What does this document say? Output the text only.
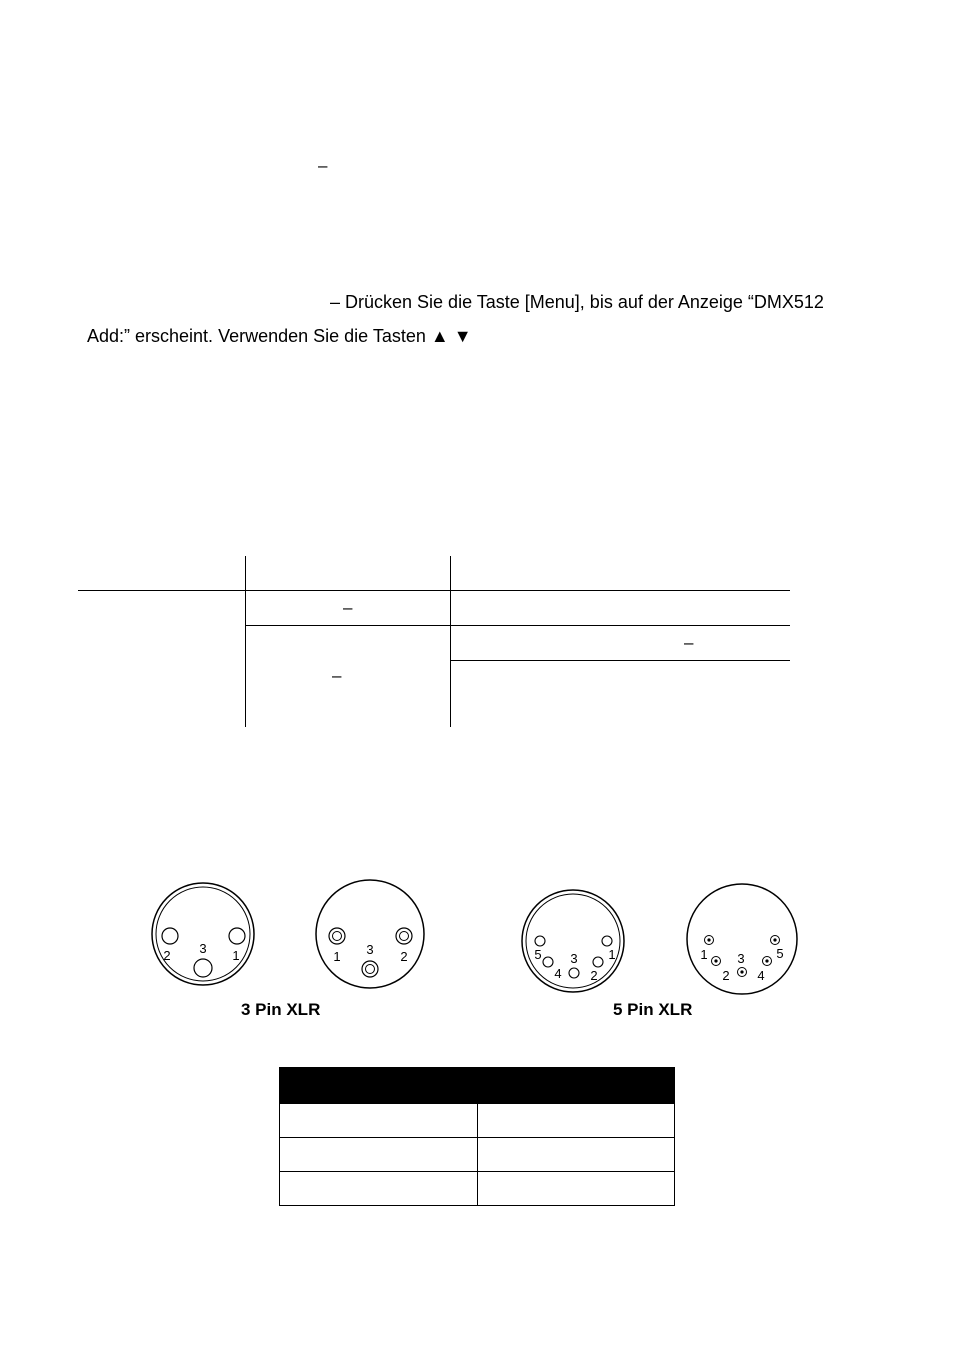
–
– Drücken Sie die Taste [Menu], bis auf der Anzeige “DMX512
Add:” erscheint. Verwenden Sie die Tasten ▲ ▼
–
–
–
2 3 1	1 3 2	5
4
3
2
1	1
2
3
4
5
3 Pin XLR	5 Pin XLR
